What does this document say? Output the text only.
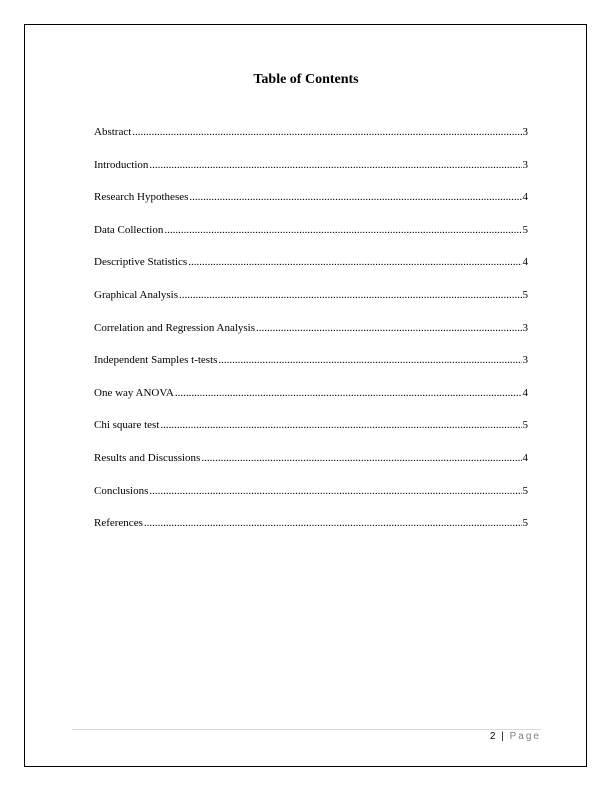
Table of Contents
Abstract .....	3
Introduction .....	3
Research Hypotheses .....	4
Data Collection .....	5
Descriptive Statistics .....	4
Graphical Analysis .....	5
Correlation and Regression Analysis .....	3
Independent Samples t-tests .....	3
One way ANOVA .....	4
Chi square test .....	5
Results and Discussions .....	4
Conclusions .....	5
References .....	5
2 | Page
